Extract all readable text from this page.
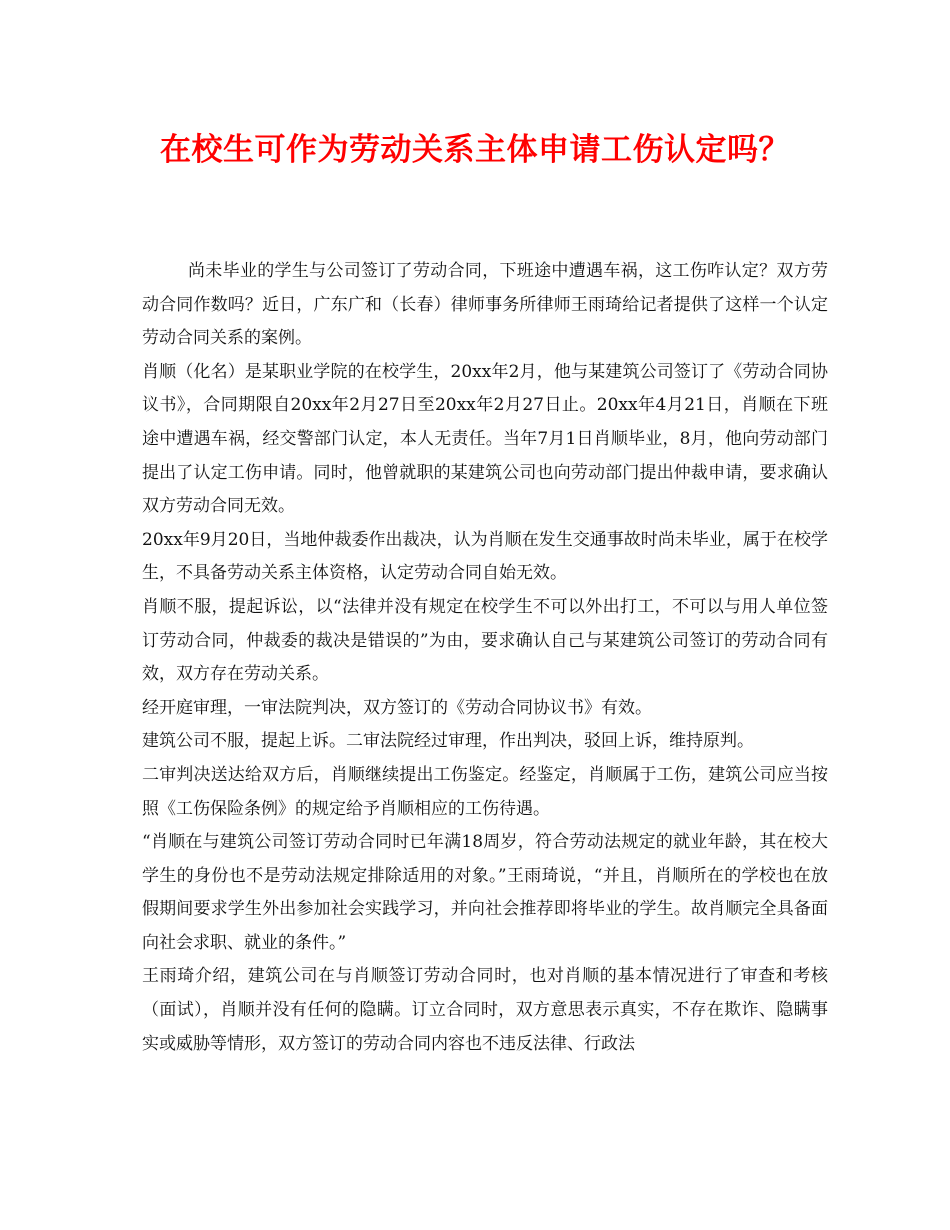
在校生可作为劳动关系主体申请工伤认定吗？

尚未毕业的学生与公司签订了劳动合同，下班途中遭遇车祸，这工伤咋认定？双方劳动合同作数吗？近日，广东广和（长春）律师事务所律师王雨琦给记者提供了这样一个认定劳动合同关系的案例。

肖顺（化名）是某职业学院的在校学生，20xx年2月，他与某建筑公司签订了《劳动合同协议书》，合同期限自20xx年2月27日至20xx年2月27日止。20xx年4月21日，肖顺在下班途中遭遇车祸，经交警部门认定，本人无责任。当年7月1日肖顺毕业，8月，他向劳动部门提出了认定工伤申请。同时，他曾就职的某建筑公司也向劳动部门提出仲裁申请，要求确认双方劳动合同无效。

20xx年9月20日，当地仲裁委作出裁决，认为肖顺在发生交通事故时尚未毕业，属于在校学生，不具备劳动关系主体资格，认定劳动合同自始无效。

肖顺不服，提起诉讼，以“法律并没有规定在校学生不可以外出打工，不可以与用人单位签订劳动合同，仲裁委的裁决是错误的”为由，要求确认自己与某建筑公司签订的劳动合同有效，双方存在劳动关系。

经开庭审理，一审法院判决，双方签订的《劳动合同协议书》有效。

建筑公司不服，提起上诉。二审法院经过审理，作出判决，驳回上诉，维持原判。

二审判决送达给双方后，肖顺继续提出工伤鉴定。经鉴定，肖顺属于工伤，建筑公司应当按照《工伤保险条例》的规定给予肖顺相应的工伤待遇。

“肖顺在与建筑公司签订劳动合同时已年满18周岁，符合劳动法规定的就业年龄，其在校大学生的身份也不是劳动法规定排除适用的对象。”王雨琦说，“并且，肖顺所在的学校也在放假期间要求学生外出参加社会实践学习，并向社会推荐即将毕业的学生。故肖顺完全具备面向社会求职、就业的条件。”

王雨琦介绍，建筑公司在与肖顺签订劳动合同时，也对肖顺的基本情况进行了审查和考核（面试），肖顺并没有任何的隐瞒。订立合同时，双方意思表示真实，不存在欺诈、隐瞒事实或威胁等情形，双方签订的劳动合同内容也不违反法律、行政法
